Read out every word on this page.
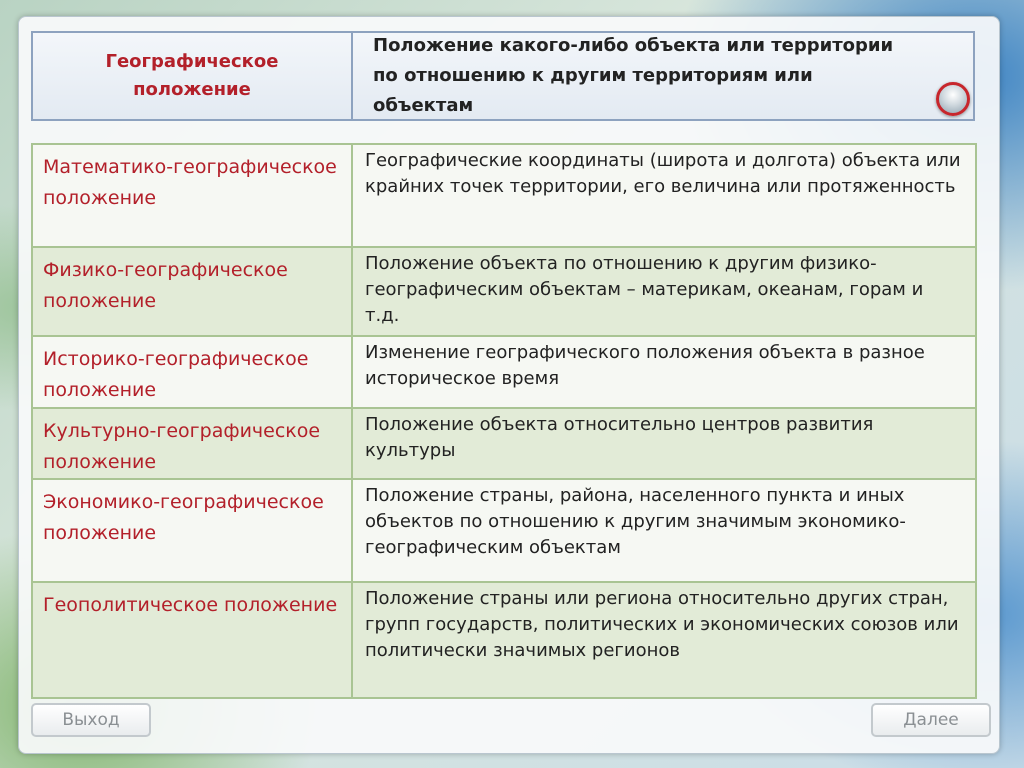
Географическое положение
Положение какого-либо объекта или территории по отношению к другим территориям или объектам
Математико-географическое положение
Географические координаты (широта и долгота) объекта или крайних точек территории, его величина или протяженность
Физико-географическое положение
Положение объекта по отношению к другим физико-географическим объектам – материкам, океанам, горам и т.д.
Историко-географическое положение
Изменение географического положения объекта в разное историческое время
Культурно-географическое положение
Положение объекта относительно центров развития культуры
Экономико-географическое положение
Положение страны, района, населенного пункта и иных объектов по отношению к другим значимым экономико-географическим объектам
Геополитическое положение	Положение страны или региона относительно других стран, групп государств, политических и экономических союзов или политически значимых регионов
Выход	Далее
